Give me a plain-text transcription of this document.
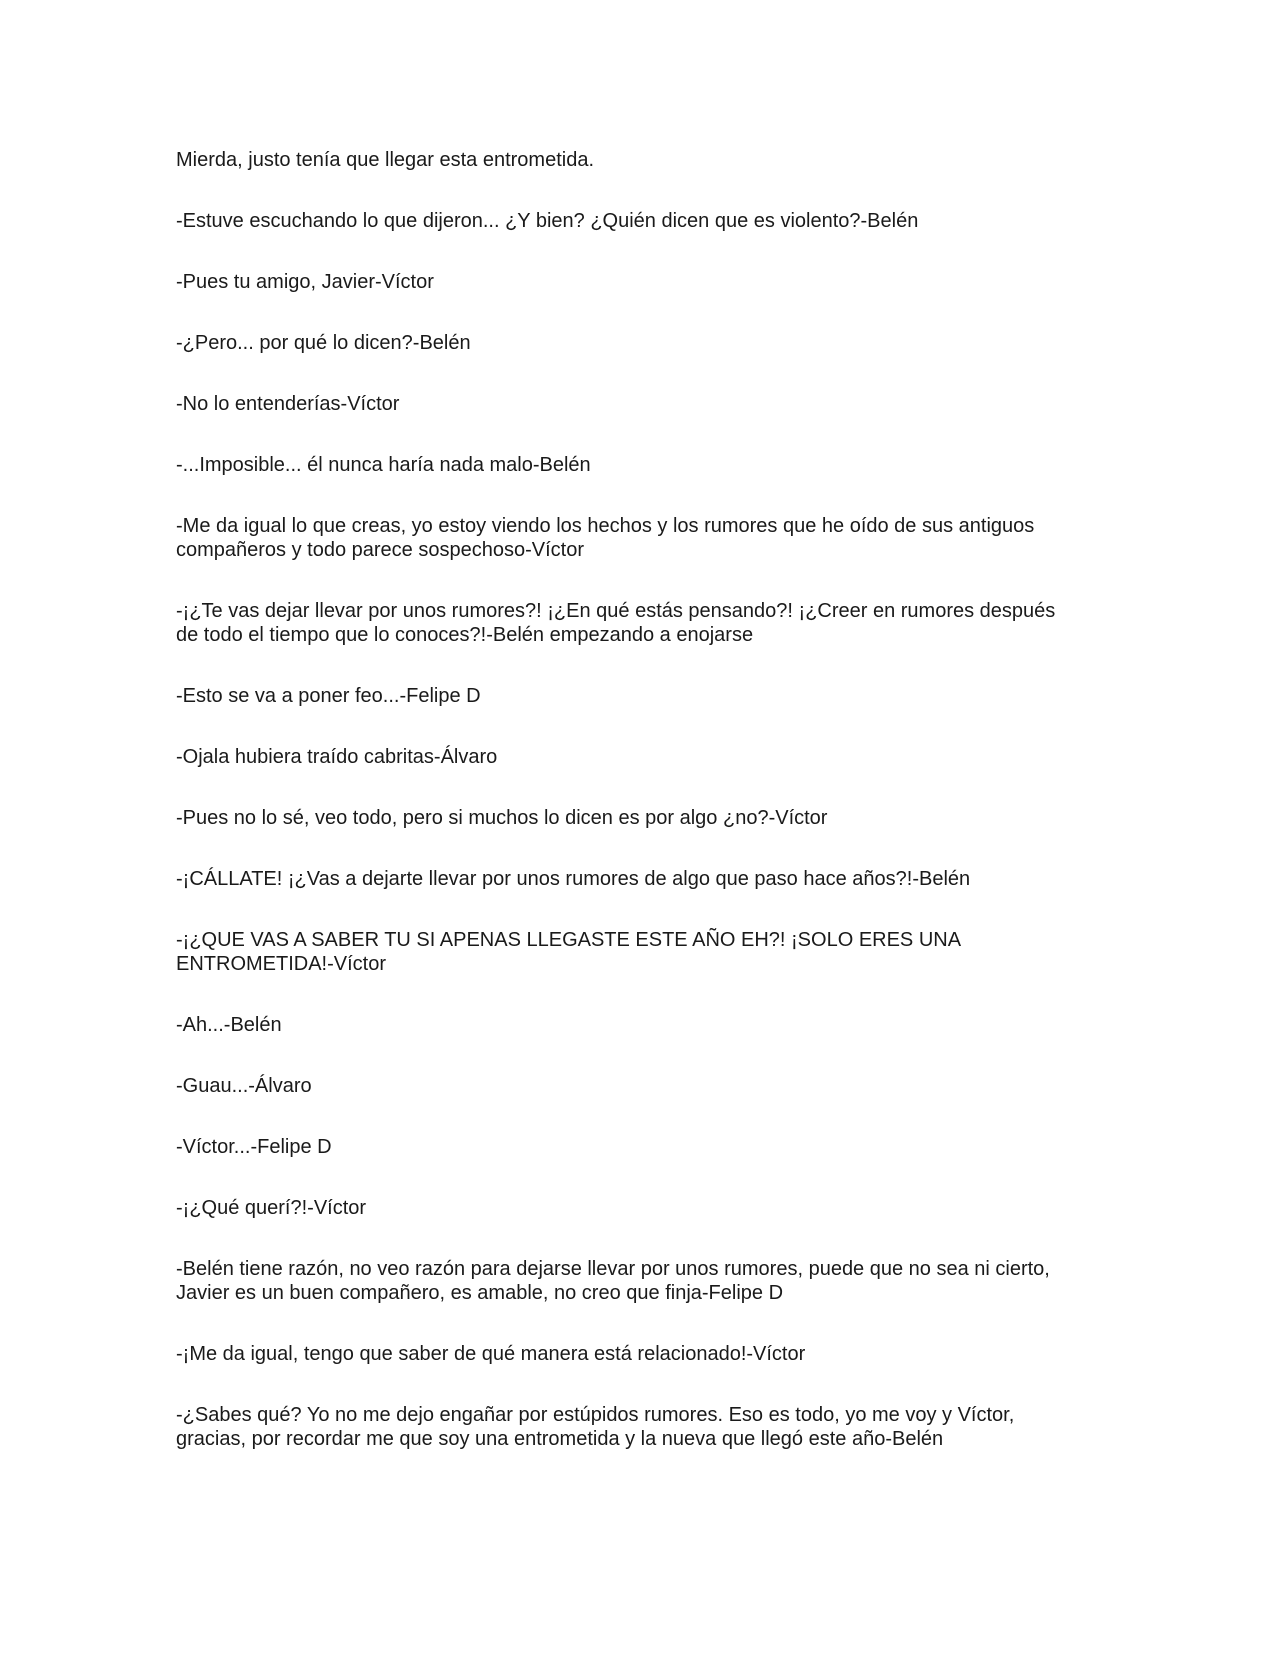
Mierda, justo tenía que llegar esta entrometida.

-Estuve escuchando lo que dijeron... ¿Y bien? ¿Quién dicen que es violento?-Belén

-Pues tu amigo, Javier-Víctor

-¿Pero... por qué lo dicen?-Belén

-No lo entenderías-Víctor

-...Imposible... él nunca haría nada malo-Belén

-Me da igual lo que creas, yo estoy viendo los hechos y los rumores que he oído de sus antiguos
compañeros y todo parece sospechoso-Víctor

-¡¿Te vas dejar llevar por unos rumores?! ¡¿En qué estás pensando?! ¡¿Creer en rumores después
de todo el tiempo que lo conoces?!-Belén empezando a enojarse

-Esto se va a poner feo...-Felipe D

-Ojala hubiera traído cabritas-Álvaro

-Pues no lo sé, veo todo, pero si muchos lo dicen es por algo ¿no?-Víctor

-¡CÁLLATE! ¡¿Vas a dejarte llevar por unos rumores de algo que paso hace años?!-Belén

-¡¿QUE VAS A SABER TU SI APENAS LLEGASTE ESTE AÑO EH?! ¡SOLO ERES UNA
ENTROMETIDA!-Víctor

-Ah...-Belén

-Guau...-Álvaro

-Víctor...-Felipe D

-¡¿Qué querí?!-Víctor

-Belén tiene razón, no veo razón para dejarse llevar por unos rumores, puede que no sea ni cierto,
Javier es un buen compañero, es amable, no creo que finja-Felipe D

-¡Me da igual, tengo que saber de qué manera está relacionado!-Víctor

-¿Sabes qué? Yo no me dejo engañar por estúpidos rumores. Eso es todo, yo me voy y Víctor,
gracias, por recordar me que soy una entrometida y la nueva que llegó este año-Belén
